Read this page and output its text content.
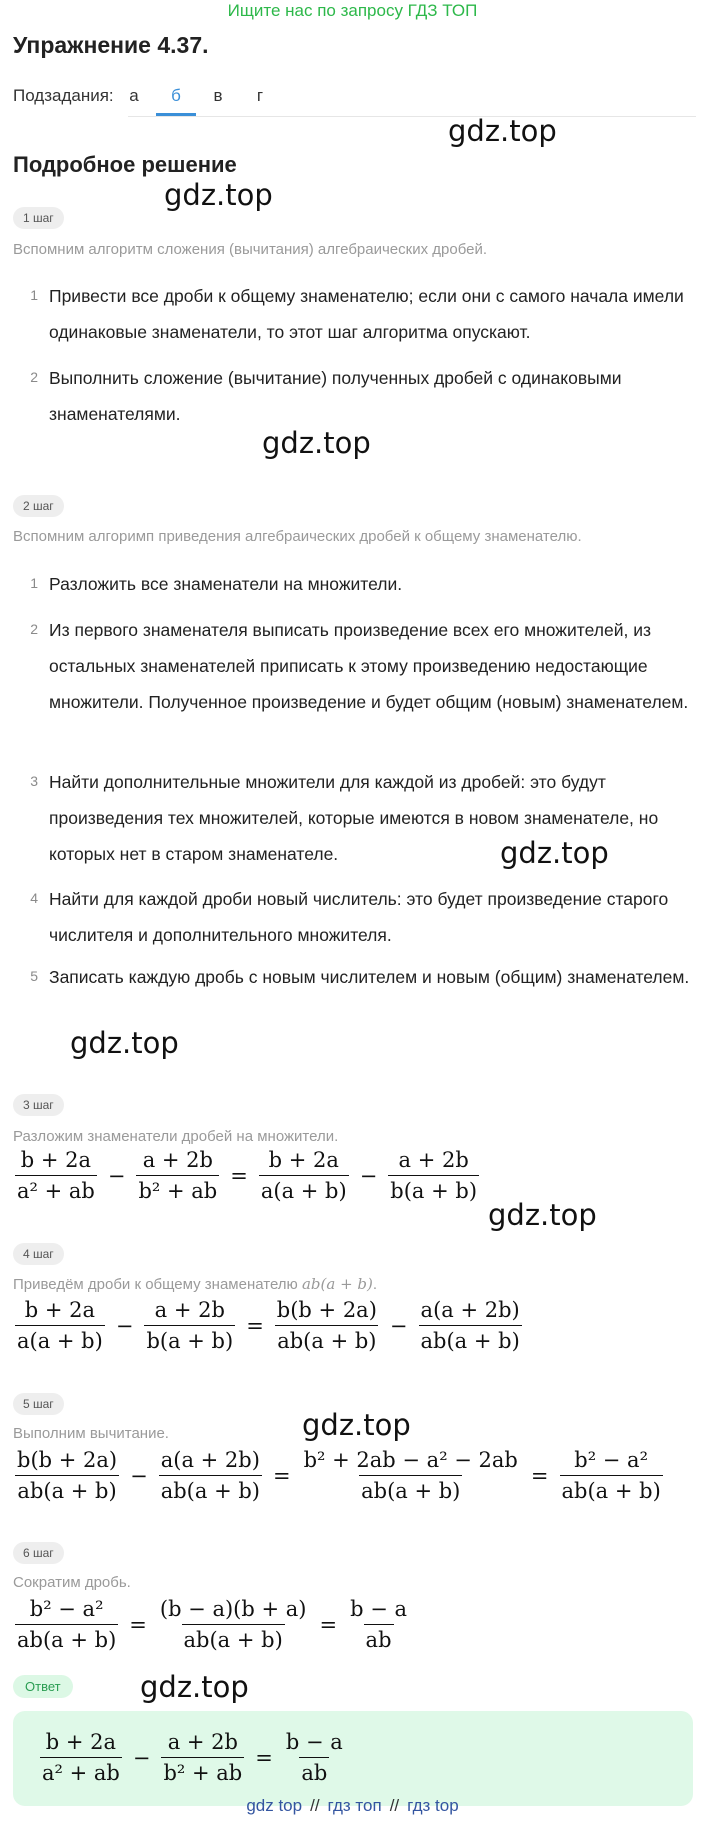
Ищите нас по запросу ГДЗ ТОП
Упражнение 4.37.
Подзадания: а	б	в	г
Подробное решение
gdz.top
gdz.top
gdz.top
gdz.top
gdz.top
gdz.top
gdz.top
gdz.top
1 шаг
Вспомним алгоритм сложения (вычитания) алгебраических дробей.
1 Привести все дроби к общему знаменателю; если они с самого начала имели одинаковые знаменатели, то этот шаг алгоритма опускают.
2 Выполнить сложение (вычитание) полученных дробей с одинаковыми знаменателями.
2 шаг
Вспомним алгоримп приведения алгебраических дробей к общему знаменателю.
1 Разложить все знаменатели на множители.
2 Из первого знаменателя выписать произведение всех его множителей, из остальных знаменателей приписать к этому произведению недостающие множители. Полученное произведение и будет общим (новым) знаменателем.
3 Найти дополнительные множители для каждой из дробей: это будут произведения тех множителей, которые имеются в новом знаменателе, но которых нет в старом знаменателе.
4 Найти для каждой дроби новый числитель: это будет произведение старого числителя и дополнительного множителя.
5 Записать каждую дробь с новым числителем и новым (общим) знаменателем.
3 шаг
Разложим знаменатели дробей на множители.
$\frac{b + 2a}{\text{a² + ab}} - \frac{a + 2b}{\text{b² + ab}} = \frac{b + 2a}{a(a + b)} - \frac{a + 2b}{b(a + b)}$
4 шаг
Приведём дроби к общему знаменателю ab(a + b).
$\frac{b + 2a}{a(a + b)} - \frac{a + 2b}{b(a + b)} = \frac{b(b + 2a)}{ab(a + b)} - \frac{a(a + 2b)}{ab(a + b)}$
5 шаг
Выполним вычитание.
$\frac{b(b + 2a)}{ab(a + b)} - \frac{a(a + 2b)}{ab(a + b)} = \frac{\text{b² + 2ab − a² − 2ab}}{ab(a + b)} = \frac{\text{b² − a²}}{ab(a + b)}$
6 шаг
Сократим дробь.
$\frac{\text{b² − a²}}{ab(a + b)} = \frac{(b - a)(b + a)}{ab(a + b)} = \frac{b - a}{ab}$
Ответ
$\frac{b + 2a}{\text{a² + ab}} - \frac{a + 2b}{\text{b² + ab}} = \frac{b - a}{ab}$
gdz top // гдз топ // гдз top
